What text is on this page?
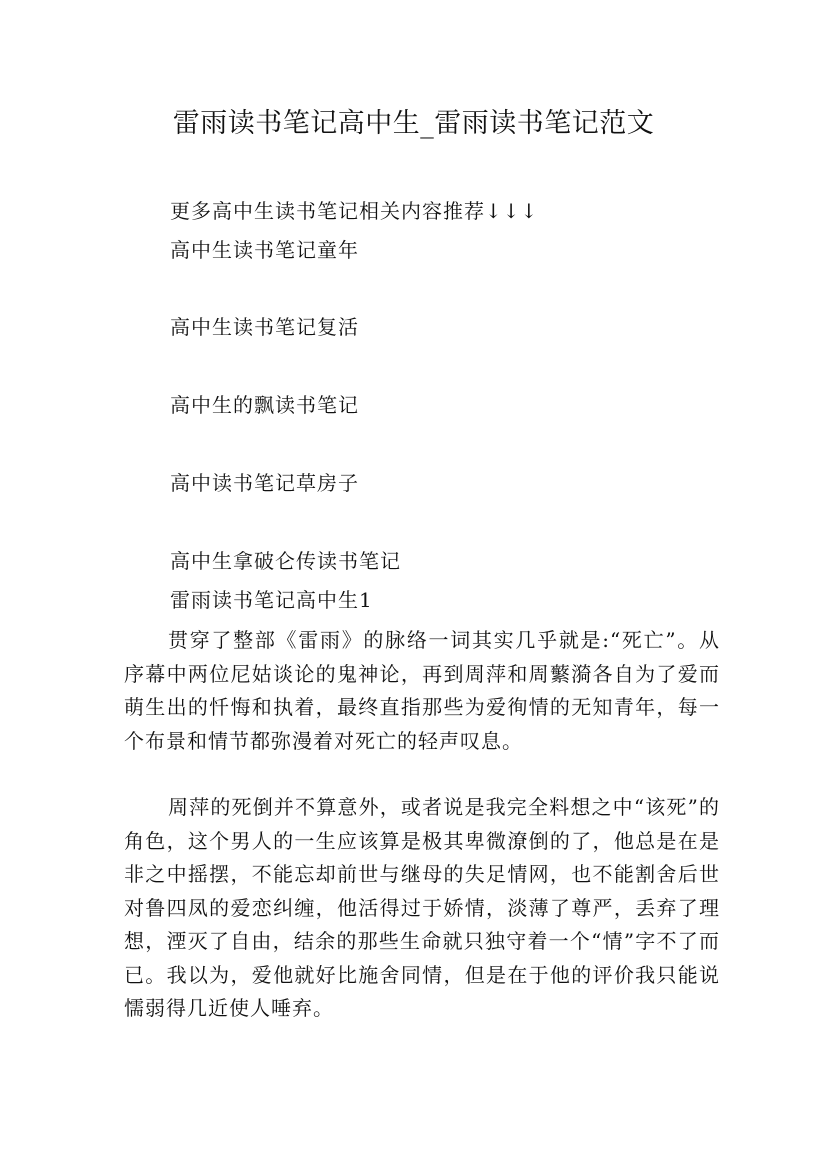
雷雨读书笔记高中生_雷雨读书笔记范文

更多高中生读书笔记相关内容推荐↓↓↓

高中生读书笔记童年

高中生读书笔记复活

高中生的飘读书笔记

高中读书笔记草房子

高中生拿破仑传读书笔记

雷雨读书笔记高中生1

贯穿了整部《雷雨》的脉络一词其实几乎就是:“死亡”。从序幕中两位尼姑谈论的鬼神论，再到周萍和周蘩漪各自为了爱而萌生出的忏悔和执着，最终直指那些为爱徇情的无知青年，每一个布景和情节都弥漫着对死亡的轻声叹息。

周萍的死倒并不算意外，或者说是我完全料想之中“该死”的角色，这个男人的一生应该算是极其卑微潦倒的了，他总是在是非之中摇摆，不能忘却前世与继母的失足情网，也不能割舍后世对鲁四凤的爱恋纠缠，他活得过于娇情，淡薄了尊严，丢弃了理想，湮灭了自由，结余的那些生命就只独守着一个“情”字不了而已。我以为，爱他就好比施舍同情，但是在于他的评价我只能说懦弱得几近使人唾弃。
